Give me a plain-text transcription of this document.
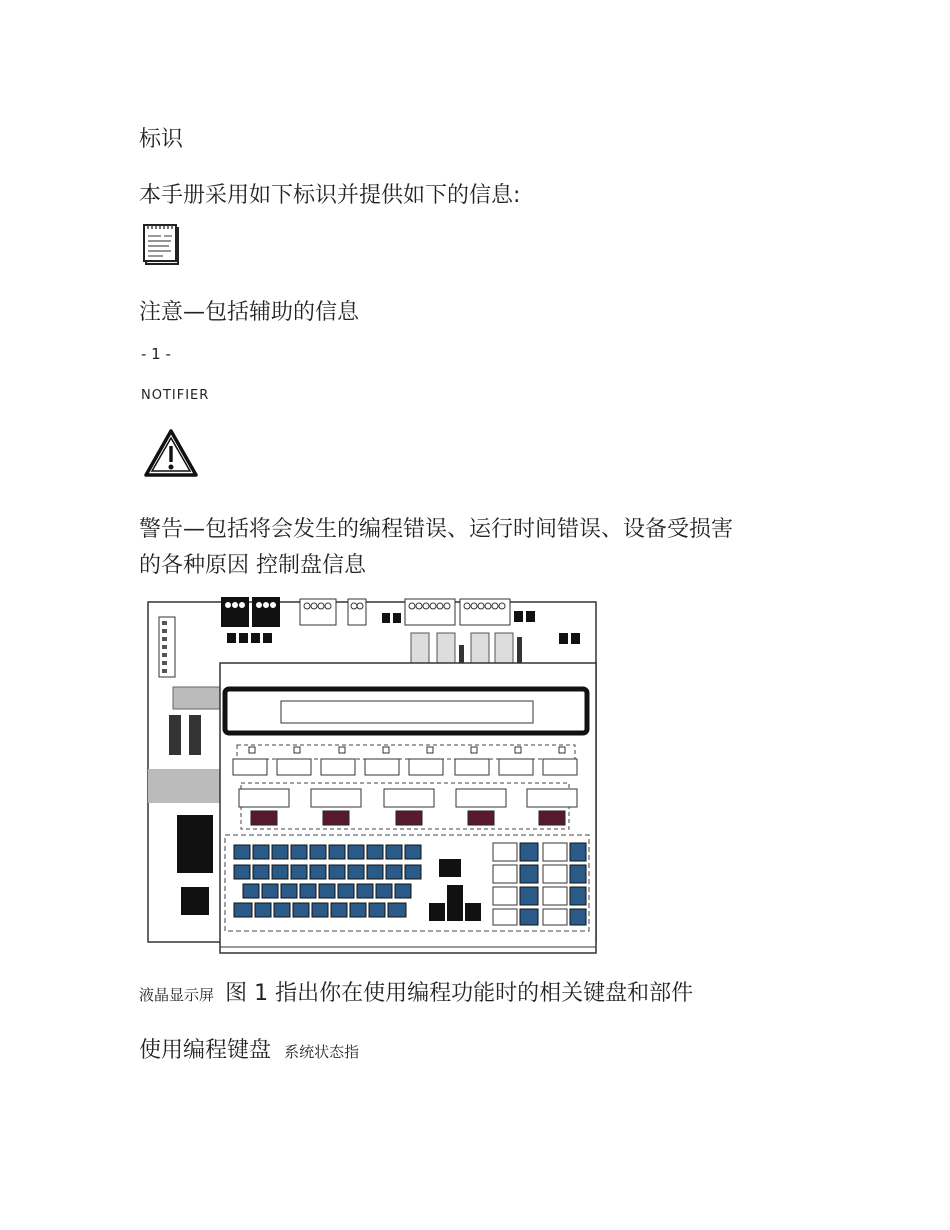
标识
本手册采用如下标识并提供如下的信息:
注意—包括辅助的信息
- 1 -
NOTIFIER
警告—包括将会发生的编程错误、运行时间错误、设备受损害
的各种原因 控制盘信息
液晶显示屏 图 1 指出你在使用编程功能时的相关键盘和部件
使用编程键盘 系统状态指
